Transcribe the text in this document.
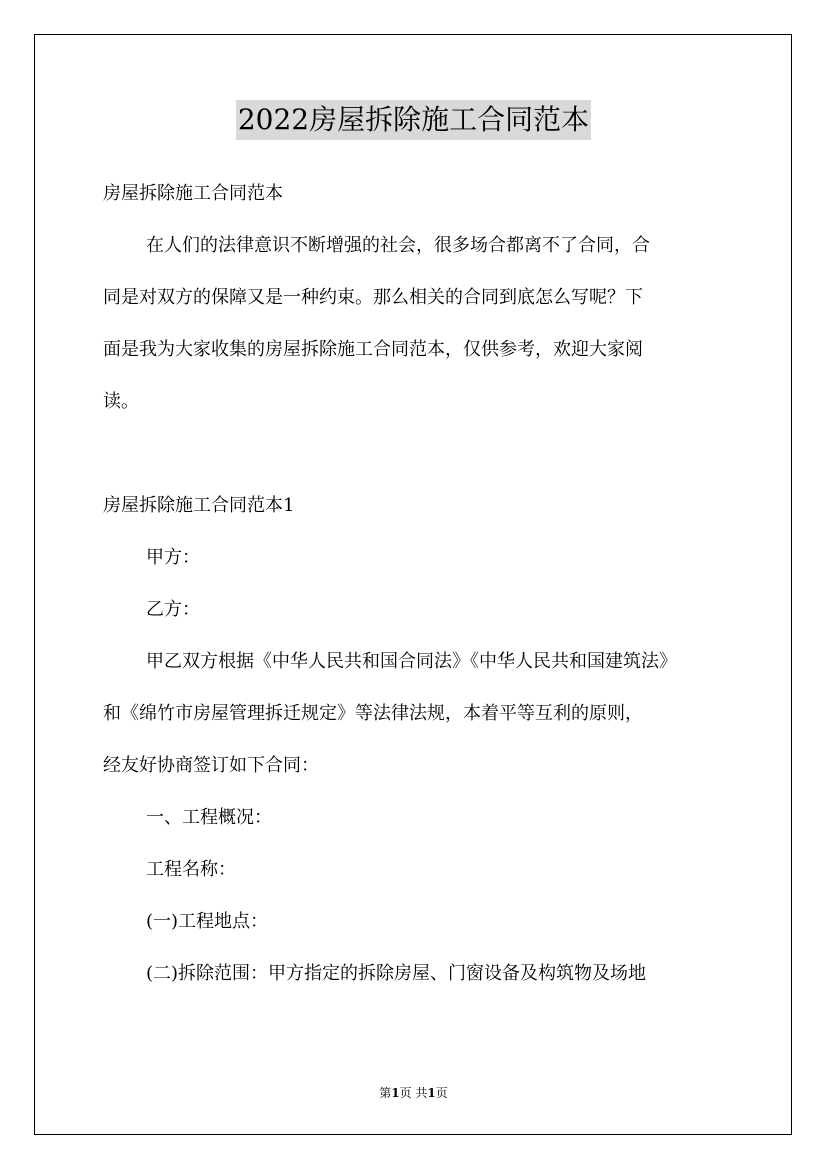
2022房屋拆除施工合同范本

房屋拆除施工合同范本

在人们的法律意识不断增强的社会，很多场合都离不了合同，合

同是对双方的保障又是一种约束。那么相关的合同到底怎么写呢？下

面是我为大家收集的房屋拆除施工合同范本，仅供参考，欢迎大家阅

读。

房屋拆除施工合同范本1

甲方：

乙方：

甲乙双方根据《中华人民共和国合同法》《中华人民共和国建筑法》

和《绵竹市房屋管理拆迁规定》等法律法规，本着平等互利的原则，

经友好协商签订如下合同：

一、工程概况：

工程名称：

(一)工程地点：

(二)拆除范围：甲方指定的拆除房屋、门窗设备及构筑物及场地

第1页 共1页
